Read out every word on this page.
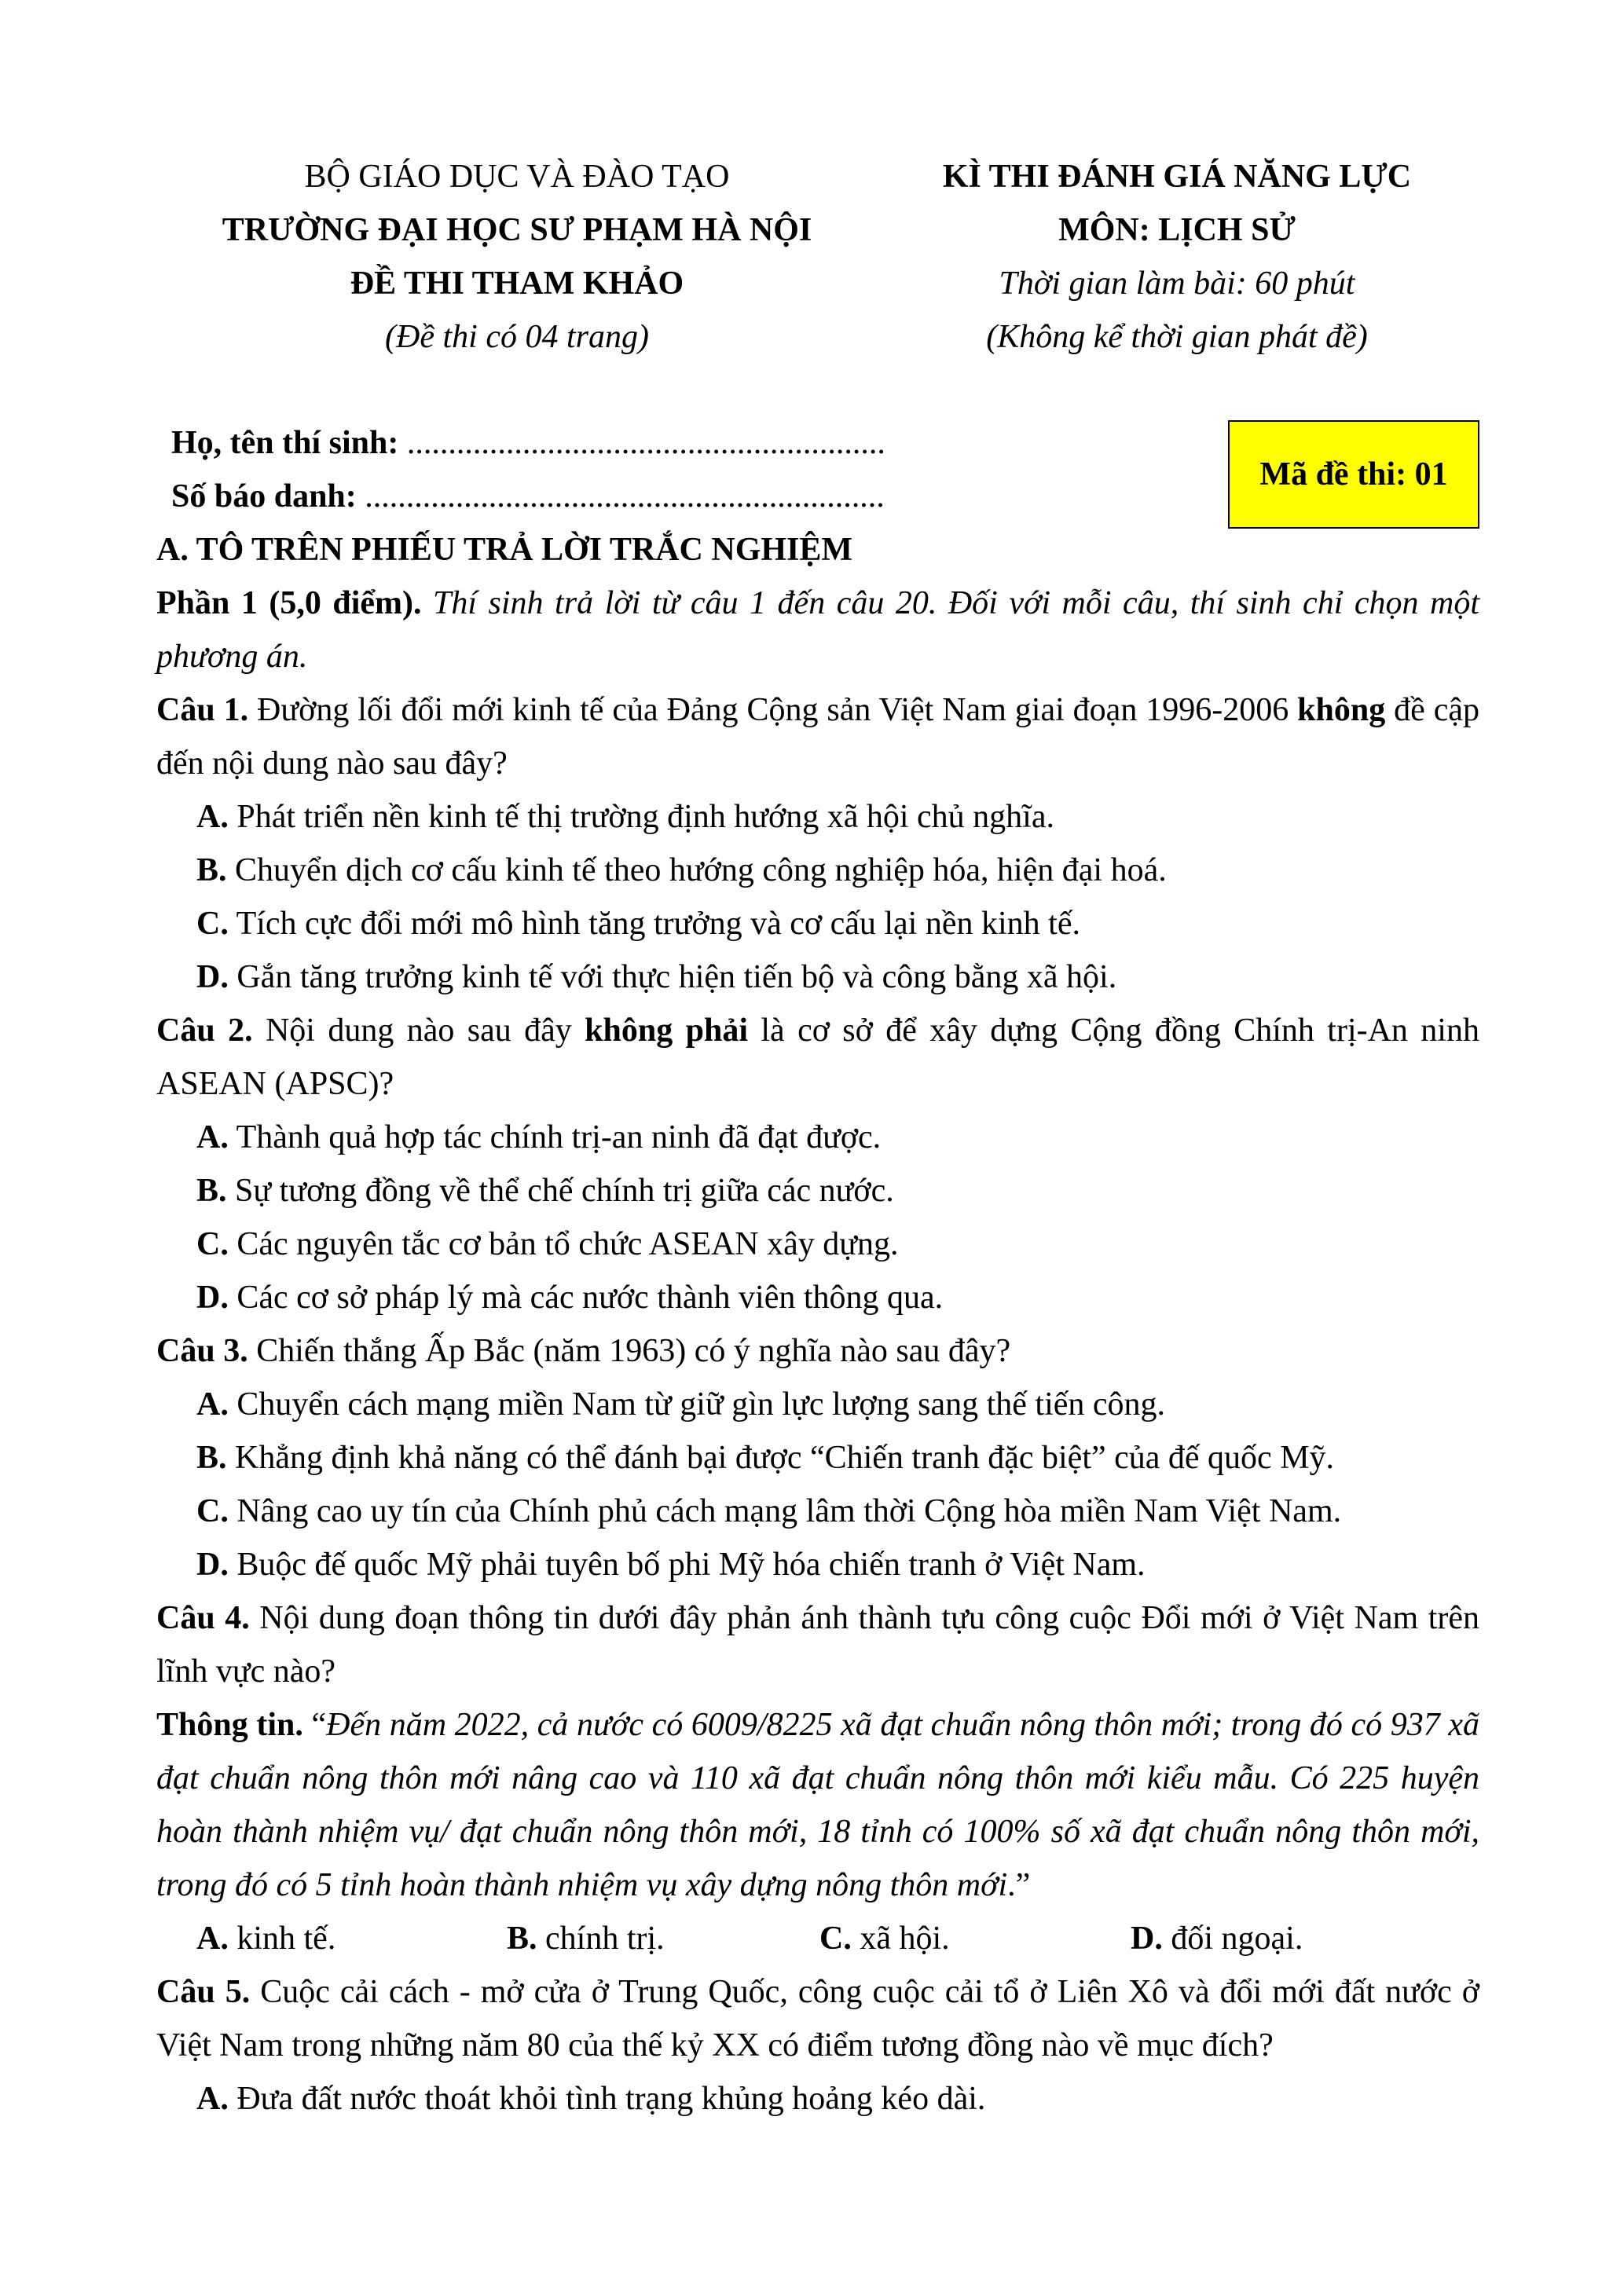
BỘ GIÁO DỤC VÀ ĐÀO TẠO
TRƯỜNG ĐẠI HỌC SƯ PHẠM HÀ NỘI
ĐỀ THI THAM KHẢO
(Đề thi có 04 trang)
KÌ THI ĐÁNH GIÁ NĂNG LỰC
MÔN: LỊCH SỬ
Thời gian làm bài: 60 phút
(Không kể thời gian phát đề)
Họ, tên thí sinh: ..........................................................
Số báo danh: ...............................................................
Mã đề thi: 01
A. TÔ TRÊN PHIẾU TRẢ LỜI TRẮC NGHIỆM
Phần 1 (5,0 điểm). Thí sinh trả lời từ câu 1 đến câu 20. Đối với mỗi câu, thí sinh chỉ chọn một phương án.
Câu 1. Đường lối đổi mới kinh tế của Đảng Cộng sản Việt Nam giai đoạn 1996-2006 không đề cập đến nội dung nào sau đây?
A. Phát triển nền kinh tế thị trường định hướng xã hội chủ nghĩa.
B. Chuyển dịch cơ cấu kinh tế theo hướng công nghiệp hóa, hiện đại hoá.
C. Tích cực đổi mới mô hình tăng trưởng và cơ cấu lại nền kinh tế.
D. Gắn tăng trưởng kinh tế với thực hiện tiến bộ và công bằng xã hội.
Câu 2. Nội dung nào sau đây không phải là cơ sở để xây dựng Cộng đồng Chính trị-An ninh ASEAN (APSC)?
A. Thành quả hợp tác chính trị-an ninh đã đạt được.
B. Sự tương đồng về thể chế chính trị giữa các nước.
C. Các nguyên tắc cơ bản tổ chức ASEAN xây dựng.
D. Các cơ sở pháp lý mà các nước thành viên thông qua.
Câu 3. Chiến thắng Ấp Bắc (năm 1963) có ý nghĩa nào sau đây?
A. Chuyển cách mạng miền Nam từ giữ gìn lực lượng sang thế tiến công.
B. Khẳng định khả năng có thể đánh bại được “Chiến tranh đặc biệt” của đế quốc Mỹ.
C. Nâng cao uy tín của Chính phủ cách mạng lâm thời Cộng hòa miền Nam Việt Nam.
D. Buộc đế quốc Mỹ phải tuyên bố phi Mỹ hóa chiến tranh ở Việt Nam.
Câu 4. Nội dung đoạn thông tin dưới đây phản ánh thành tựu công cuộc Đổi mới ở Việt Nam trên lĩnh vực nào?
Thông tin. “Đến năm 2022, cả nước có 6009/8225 xã đạt chuẩn nông thôn mới; trong đó có 937 xã đạt chuẩn nông thôn mới nâng cao và 110 xã đạt chuẩn nông thôn mới kiểu mẫu. Có 225 huyện hoàn thành nhiệm vụ/ đạt chuẩn nông thôn mới, 18 tỉnh có 100% số xã đạt chuẩn nông thôn mới, trong đó có 5 tỉnh hoàn thành nhiệm vụ xây dựng nông thôn mới.”
A. kinh tế.	B. chính trị.	C. xã hội.	D. đối ngoại.
Câu 5. Cuộc cải cách - mở cửa ở Trung Quốc, công cuộc cải tổ ở Liên Xô và đổi mới đất nước ở Việt Nam trong những năm 80 của thế kỷ XX có điểm tương đồng nào về mục đích?
A. Đưa đất nước thoát khỏi tình trạng khủng hoảng kéo dài.
